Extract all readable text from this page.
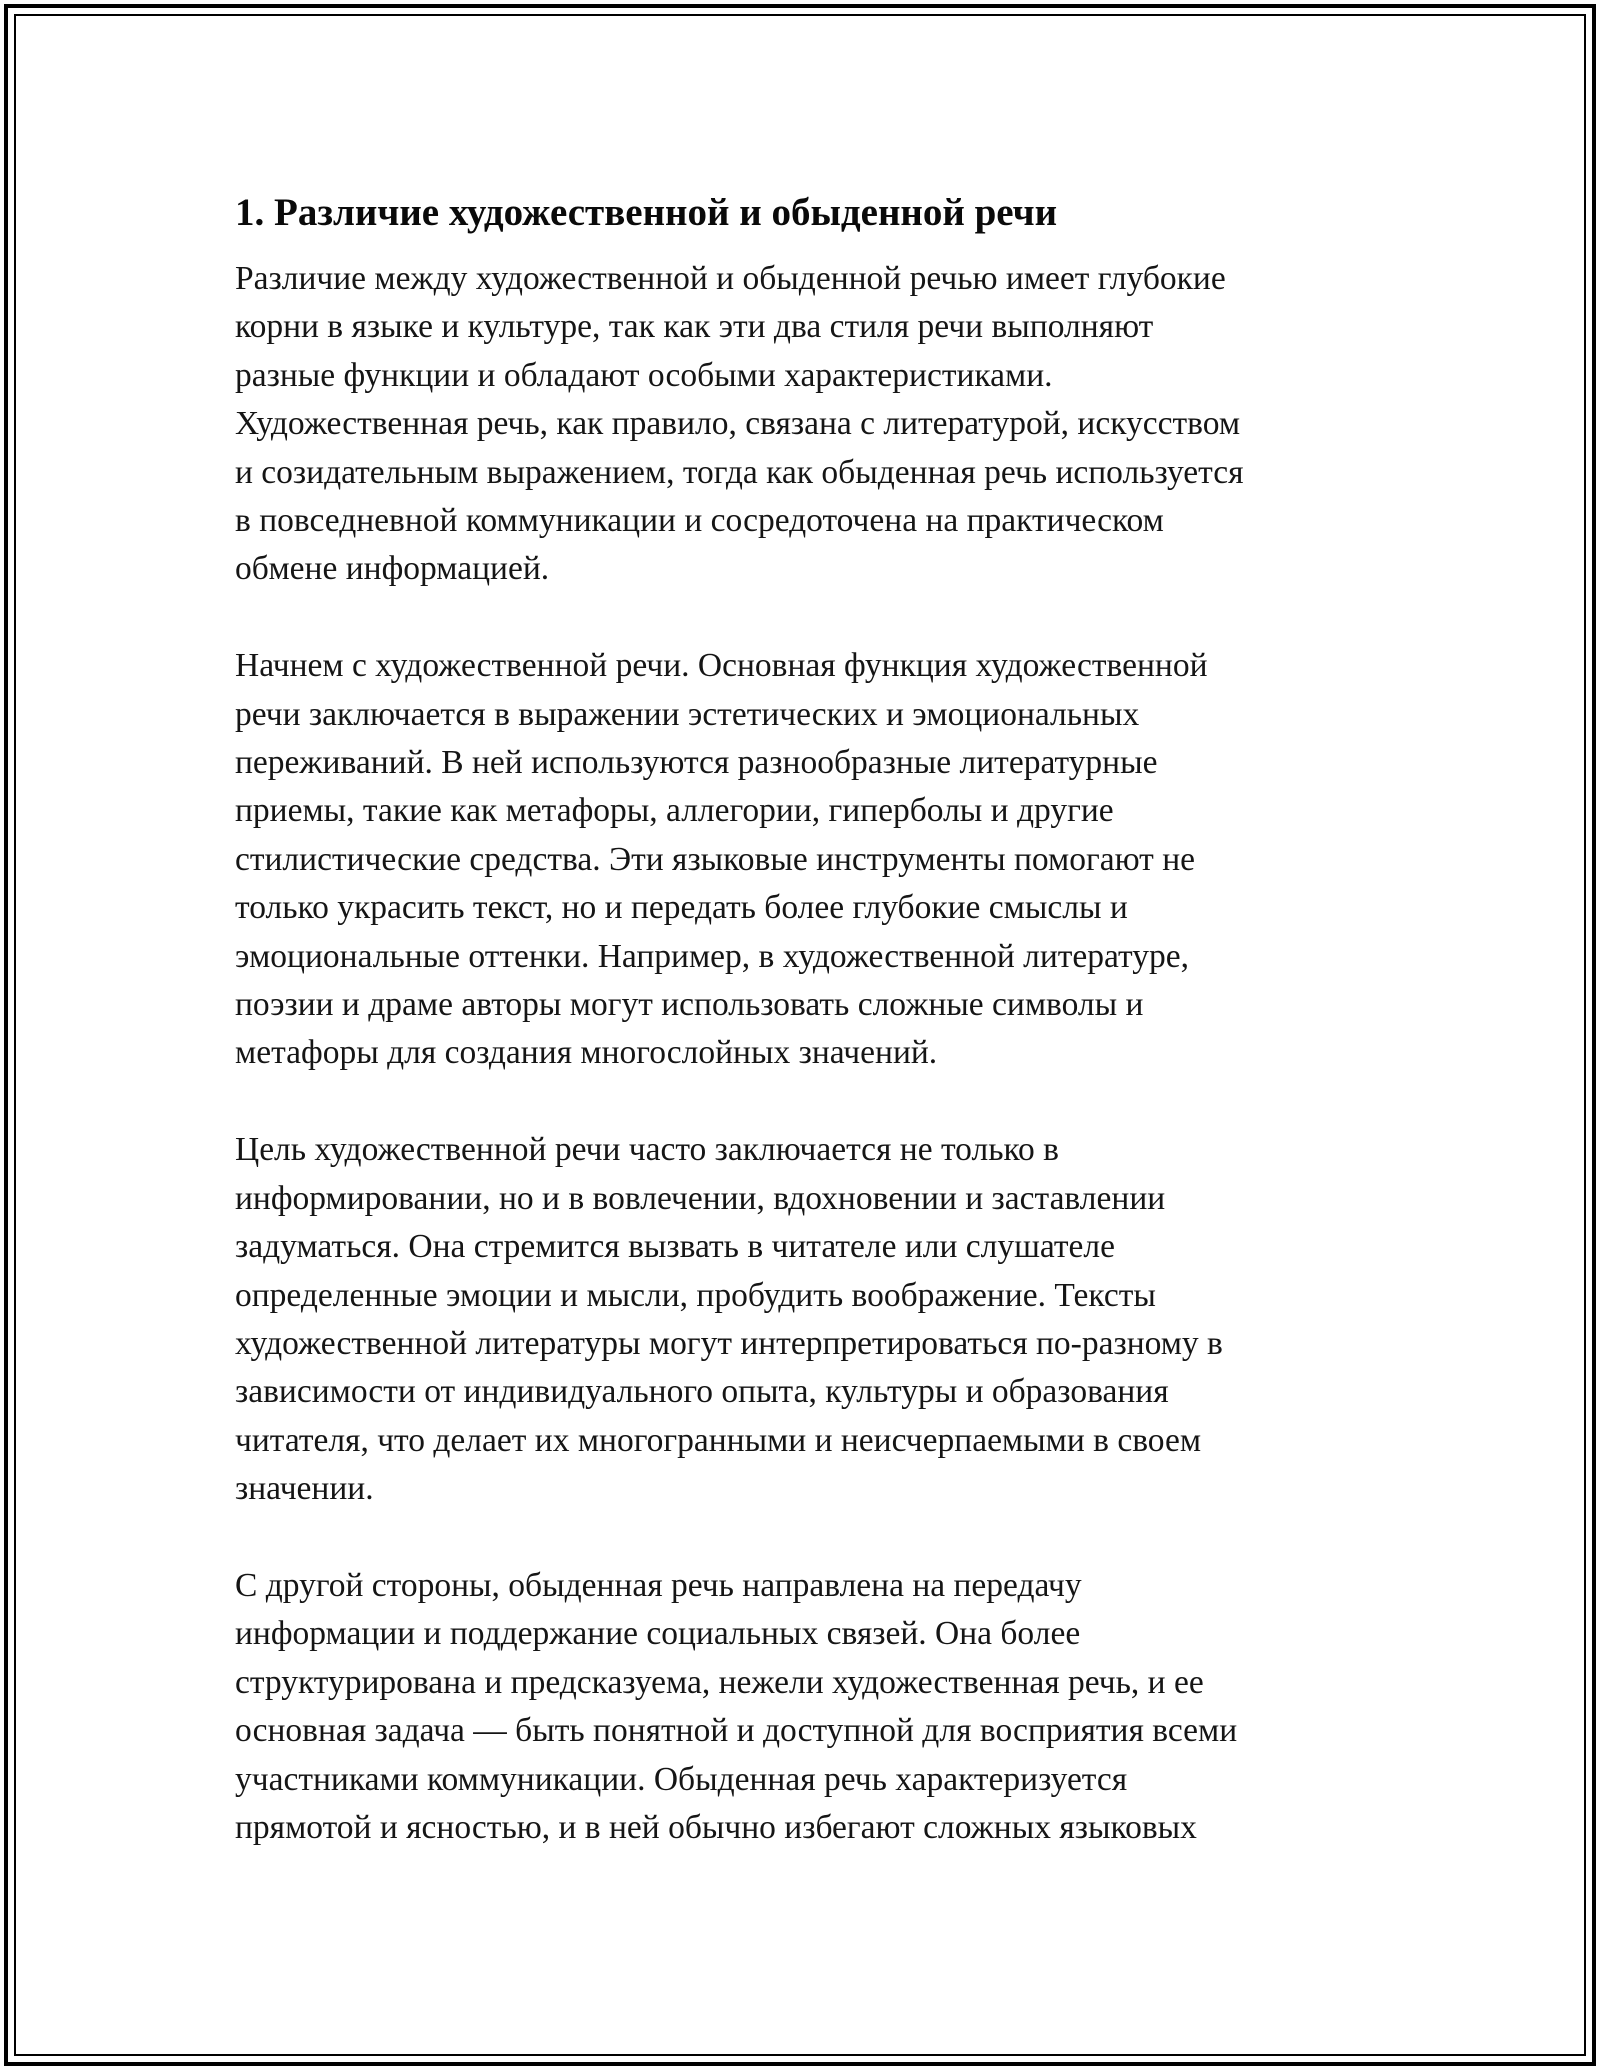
1. Различие художественной и обыденной речи

Различие между художественной и обыденной речью имеет глубокие
корни в языке и культуре, так как эти два стиля речи выполняют
разные функции и обладают особыми характеристиками.
Художественная речь, как правило, связана с литературой, искусством
и созидательным выражением, тогда как обыденная речь используется
в повседневной коммуникации и сосредоточена на практическом
обмене информацией.

Начнем с художественной речи. Основная функция художественной
речи заключается в выражении эстетических и эмоциональных
переживаний. В ней используются разнообразные литературные
приемы, такие как метафоры, аллегории, гиперболы и другие
стилистические средства. Эти языковые инструменты помогают не
только украсить текст, но и передать более глубокие смыслы и
эмоциональные оттенки. Например, в художественной литературе,
поэзии и драме авторы могут использовать сложные символы и
метафоры для создания многослойных значений.

Цель художественной речи часто заключается не только в
информировании, но и в вовлечении, вдохновении и заставлении
задуматься. Она стремится вызвать в читателе или слушателе
определенные эмоции и мысли, пробудить воображение. Тексты
художественной литературы могут интерпретироваться по-разному в
зависимости от индивидуального опыта, культуры и образования
читателя, что делает их многогранными и неисчерпаемыми в своем
значении.

С другой стороны, обыденная речь направлена на передачу
информации и поддержание социальных связей. Она более
структурирована и предсказуема, нежели художественная речь, и ее
основная задача — быть понятной и доступной для восприятия всеми
участниками коммуникации. Обыденная речь характеризуется
прямотой и ясностью, и в ней обычно избегают сложных языковых
